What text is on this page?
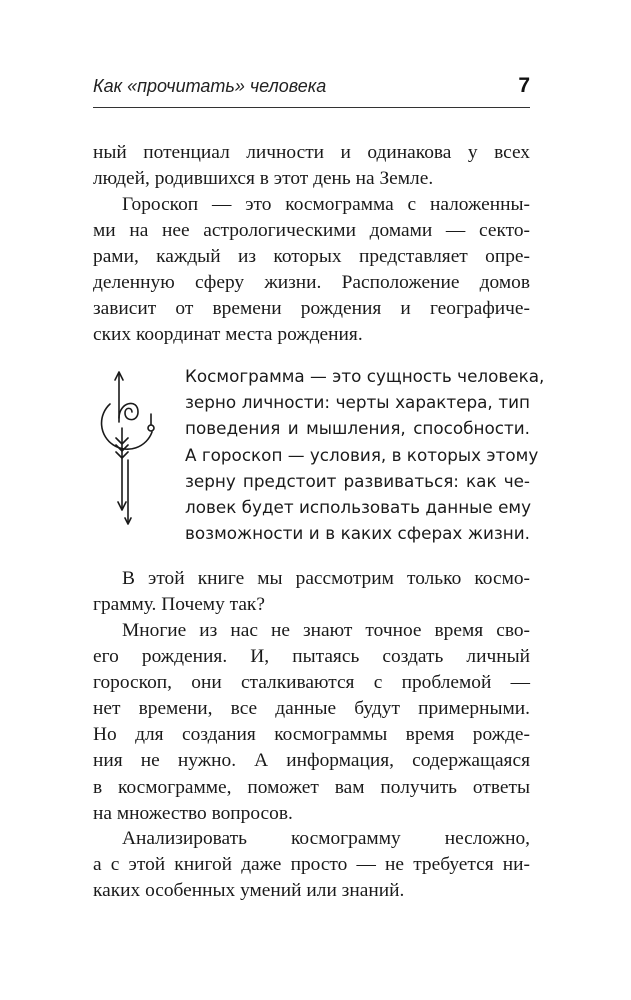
Как «прочитать» человека	7
ный потенциал личности и одинакова у всех
людей, родившихся в этот день на Земле.
Гороскоп — это космограмма с наложенны-
ми на нее астрологическими домами — секто-
рами, каждый из которых представляет опре-
деленную сферу жизни. Расположение домов
зависит от времени рождения и географиче-
ских координат места рождения.
Космограмма — это сущность человека,
зерно личности: черты характера, тип
поведения и мышления, способности.
А гороскоп — условия, в которых этому
зерну предстоит развиваться: как че-
ловек будет использовать данные ему
возможности и в каких сферах жизни.
В этой книге мы рассмотрим только космо-
грамму. Почему так?
Многие из нас не знают точное время сво-
его рождения. И, пытаясь создать личный
гороскоп, они сталкиваются с проблемой —
нет времени, все данные будут примерными.
Но для создания космограммы время рожде-
ния не нужно. А информация, содержащаяся
в космограмме, поможет вам получить ответы
на множество вопросов.
Анализировать космограмму несложно,
а с этой книгой даже просто — не требуется ни-
каких особенных умений или знаний.
